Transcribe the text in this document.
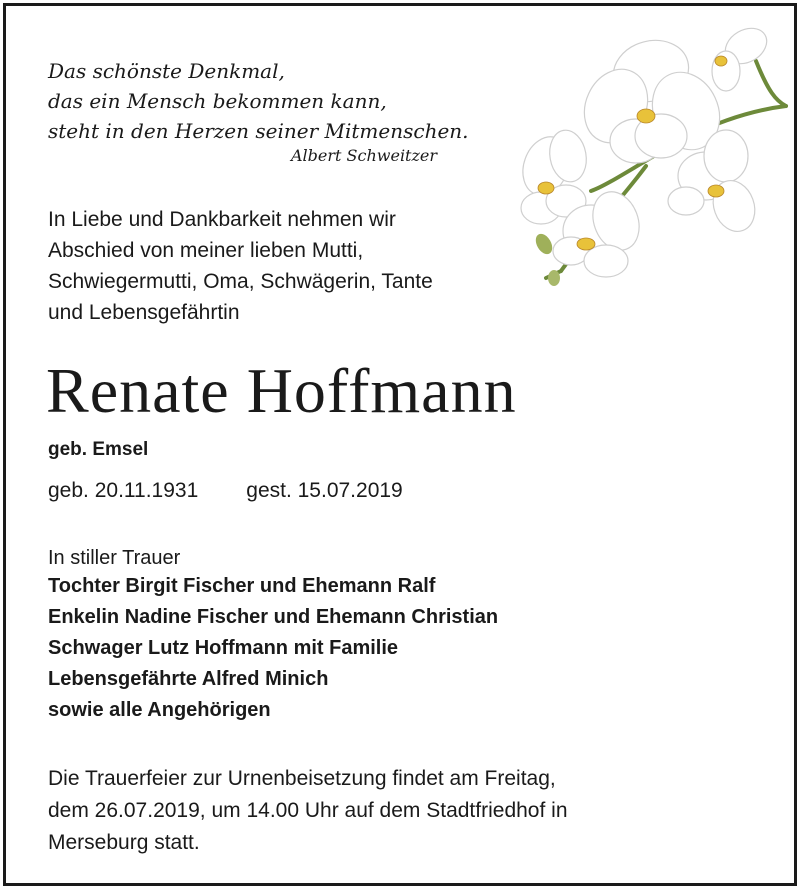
Das schönste Denkmal,
das ein Mensch bekommen kann,
steht in den Herzen seiner Mitmenschen.
Albert Schweitzer
In Liebe und Dankbarkeit nehmen wir
Abschied von meiner lieben Mutti,
Schwiegermutti, Oma, Schwägerin, Tante
und Lebensgefährtin
Renate Hoffmann
geb. Emsel
geb. 20.11.1931 gest. 15.07.2019
In stiller Trauer
Tochter Birgit Fischer und Ehemann Ralf
Enkelin Nadine Fischer und Ehemann Christian
Schwager Lutz Hoffmann mit Familie
Lebensgefährte Alfred Minich
sowie alle Angehörigen
Die Trauerfeier zur Urnenbeisetzung findet am Freitag,
dem 26.07.2019, um 14.00 Uhr auf dem Stadtfriedhof in
Merseburg statt.
